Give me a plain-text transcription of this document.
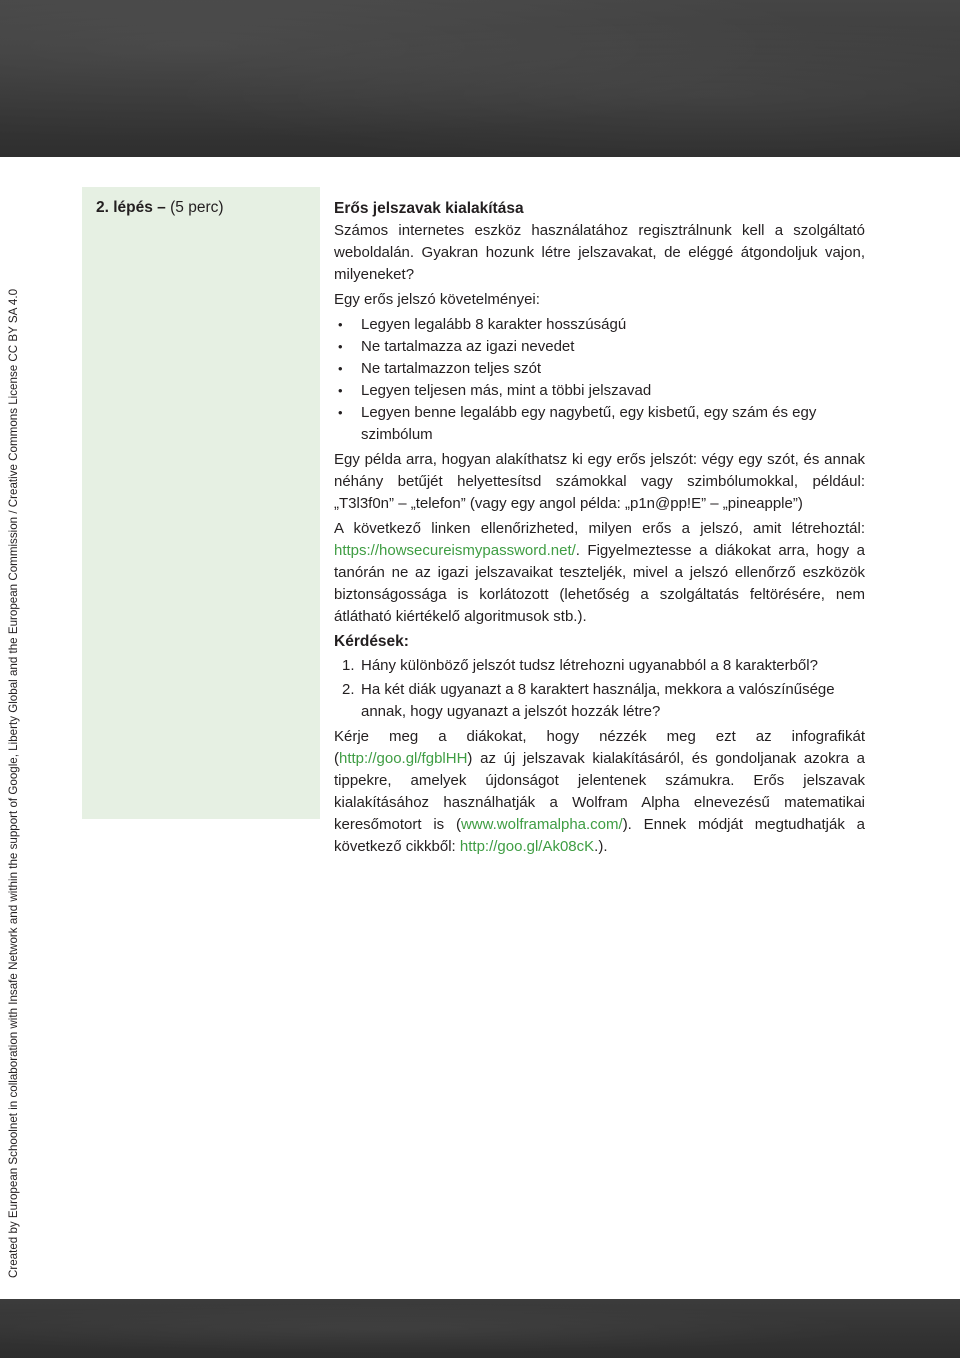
Created by European Schoolnet in collaboration with Insafe Network and within the support of Google, Liberty Global and the European Commission / Creative Commons License CC BY SA 4.0
2. lépés – (5 perc)	Erős jelszavak kialakítása

Számos internetes eszköz használatához regisztrálnunk kell a szolgáltató weboldalán. Gyakran hozunk létre jelszavakat, de eléggé átgondoljuk vajon, milyeneket?

Egy erős jelszó követelményei:

• Legyen legalább 8 karakter hosszúságú
• Ne tartalmazza az igazi nevedet
• Ne tartalmazzon teljes szót
• Legyen teljesen más, mint a többi jelszavad
• Legyen benne legalább egy nagybetű, egy kisbetű, egy szám és egy szimbólum

Egy példa arra, hogyan alakíthatsz ki egy erős jelszót: végy egy szót, és annak néhány betűjét helyettesítsd számokkal vagy szimbólumokkal, például: „T3l3f0n” – „telefon” (vagy egy angol példa: „p1n@pp!E” – „pineapple”)

A következő linken ellenőrizheted, milyen erős a jelszó, amit létrehoztál: https://howsecureismypassword.net/. Figyelmeztesse a diákokat arra, hogy a tanórán ne az igazi jelszavaikat teszteljék, mivel a jelszó ellenőrző eszközök biztonságossága is korlátozott (lehetőség a szolgáltatás feltörésére, nem átlátható kiértékelő algoritmusok stb.).

Kérdések:

1. Hány különböző jelszót tudsz létrehozni ugyanabból a 8 karakterből?
2. Ha két diák ugyanazt a 8 karaktert használja, mekkora a valószínűsége annak, hogy ugyanazt a jelszót hozzák létre?

Kérje meg a diákokat, hogy nézzék meg ezt az infografikát (http://goo.gl/fgblHH) az új jelszavak kialakításáról, és gondoljanak azokra a tippekre, amelyek újdonságot jelentenek számukra. Erős jelszavak kialakításához használhatják a Wolfram Alpha elnevezésű matematikai keresőmotort is (www.wolframalpha.com/). Ennek módját megtudhatják a következő cikkből: http://goo.gl/Ak08cK.).
